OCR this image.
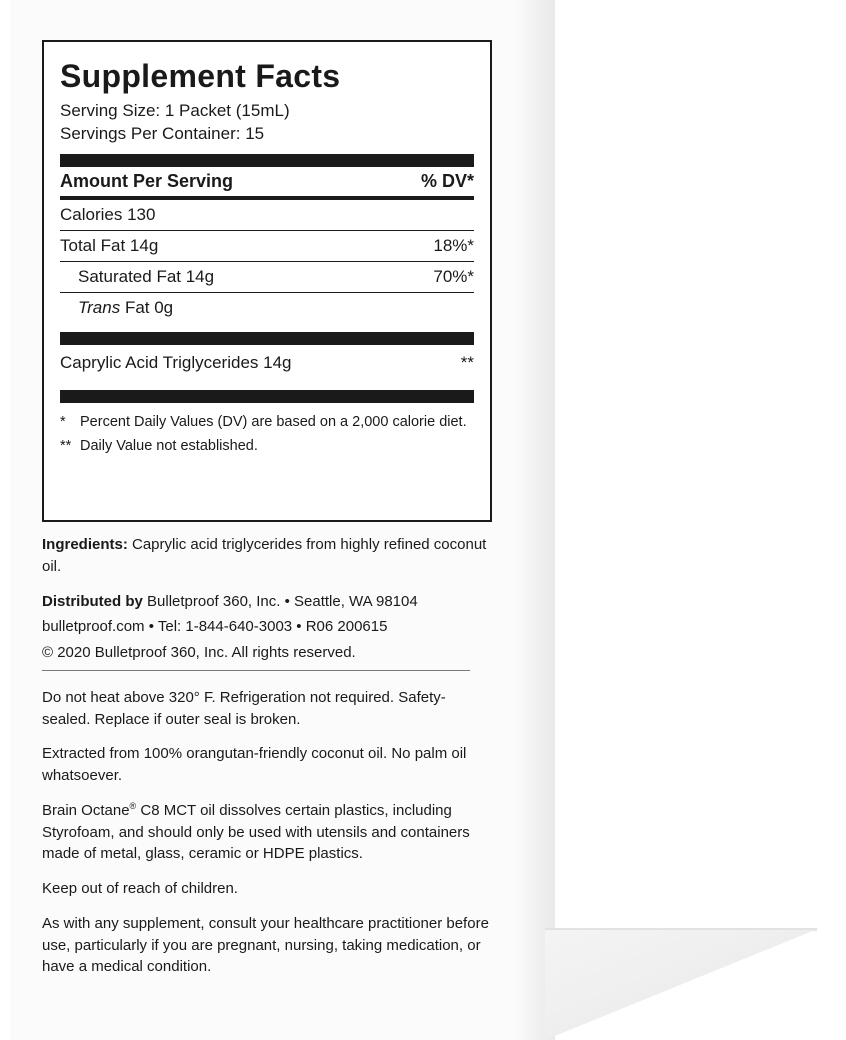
Supplement Facts
Serving Size: 1 Packet (15mL)
Servings Per Container: 15
Amount Per Serving	% DV*
Calories 130
Total Fat 14g	18%*
Saturated Fat 14g	70%*
Trans Fat 0g
Caprylic Acid Triglycerides 14g	**
* Percent Daily Values (DV) are based on a 2,000 calorie diet.
** Daily Value not established.

Ingredients: Caprylic acid triglycerides from highly refined coconut oil.

Distributed by Bulletproof 360, Inc. • Seattle, WA 98104

bulletproof.com • Tel: 1-844-640-3003 • R06 200615

© 2020 Bulletproof 360, Inc. All rights reserved.

Do not heat above 320° F. Refrigeration not required. Safety-sealed. Replace if outer seal is broken.

Extracted from 100% orangutan-friendly coconut oil. No palm oil whatsoever.

Brain Octane® C8 MCT oil dissolves certain plastics, including Styrofoam, and should only be used with utensils and containers made of metal, glass, ceramic or HDPE plastics.

Keep out of reach of children.

As with any supplement, consult your healthcare practitioner before use, particularly if you are pregnant, nursing, taking medication, or have a medical condition.
